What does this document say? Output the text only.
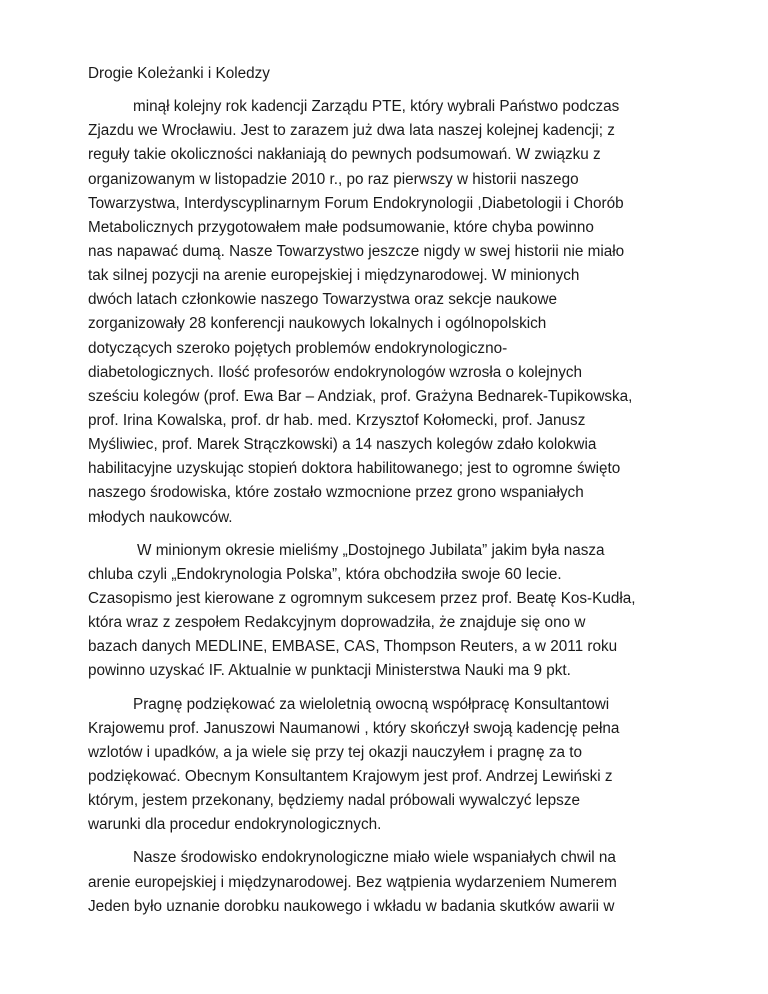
Drogie Koleżanki i Koledzy
minął kolejny rok kadencji Zarządu PTE, który wybrali Państwo podczas
Zjazdu we Wrocławiu. Jest to zarazem już dwa lata naszej kolejnej kadencji; z
reguły takie okoliczności nakłaniają do pewnych podsumowań. W związku z
organizowanym w listopadzie 2010 r., po raz pierwszy w historii naszego
Towarzystwa, Interdyscyplinarnym Forum Endokrynologii ,Diabetologii i Chorób
Metabolicznych przygotowałem małe podsumowanie, które chyba powinno
nas napawać dumą. Nasze Towarzystwo jeszcze nigdy w swej historii nie miało
tak silnej pozycji na arenie europejskiej i międzynarodowej. W minionych
dwóch latach członkowie naszego Towarzystwa oraz sekcje naukowe
zorganizowały 28 konferencji naukowych lokalnych i ogólnopolskich
dotyczących szeroko pojętych problemów endokrynologiczno-
diabetologicznych. Ilość profesorów endokrynologów wzrosła o kolejnych
sześciu kolegów (prof. Ewa Bar – Andziak, prof. Grażyna Bednarek-Tupikowska,
prof. Irina Kowalska, prof. dr hab. med. Krzysztof Kołomecki, prof. Janusz
Myśliwiec, prof. Marek Strączkowski) a 14 naszych kolegów zdało kolokwia
habilitacyjne uzyskując stopień doktora habilitowanego; jest to ogromne święto
naszego środowiska, które zostało wzmocnione przez grono wspaniałych
młodych naukowców.
W minionym okresie mieliśmy „Dostojnego Jubilata” jakim była nasza
chluba czyli „Endokrynologia Polska”, która obchodziła swoje 60 lecie.
Czasopismo jest kierowane z ogromnym sukcesem przez prof. Beatę Kos-Kudła,
która wraz z zespołem Redakcyjnym doprowadziła, że znajduje się ono w
bazach danych MEDLINE, EMBASE, CAS, Thompson Reuters, a w 2011 roku
powinno uzyskać IF. Aktualnie w punktacji Ministerstwa Nauki ma 9 pkt.
Pragnę podziękować za wieloletnią owocną współpracę Konsultantowi
Krajowemu prof. Januszowi Naumanowi , który skończył swoją kadencję pełna
wzlotów i upadków, a ja wiele się przy tej okazji nauczyłem i pragnę za to
podziękować. Obecnym Konsultantem Krajowym jest prof. Andrzej Lewiński z
którym, jestem przekonany, będziemy nadal próbowali wywalczyć lepsze
warunki dla procedur endokrynologicznych.
Nasze środowisko endokrynologiczne miało wiele wspaniałych chwil na
arenie europejskiej i międzynarodowej. Bez wątpienia wydarzeniem Numerem
Jeden było uznanie dorobku naukowego i wkładu w badania skutków awarii w
